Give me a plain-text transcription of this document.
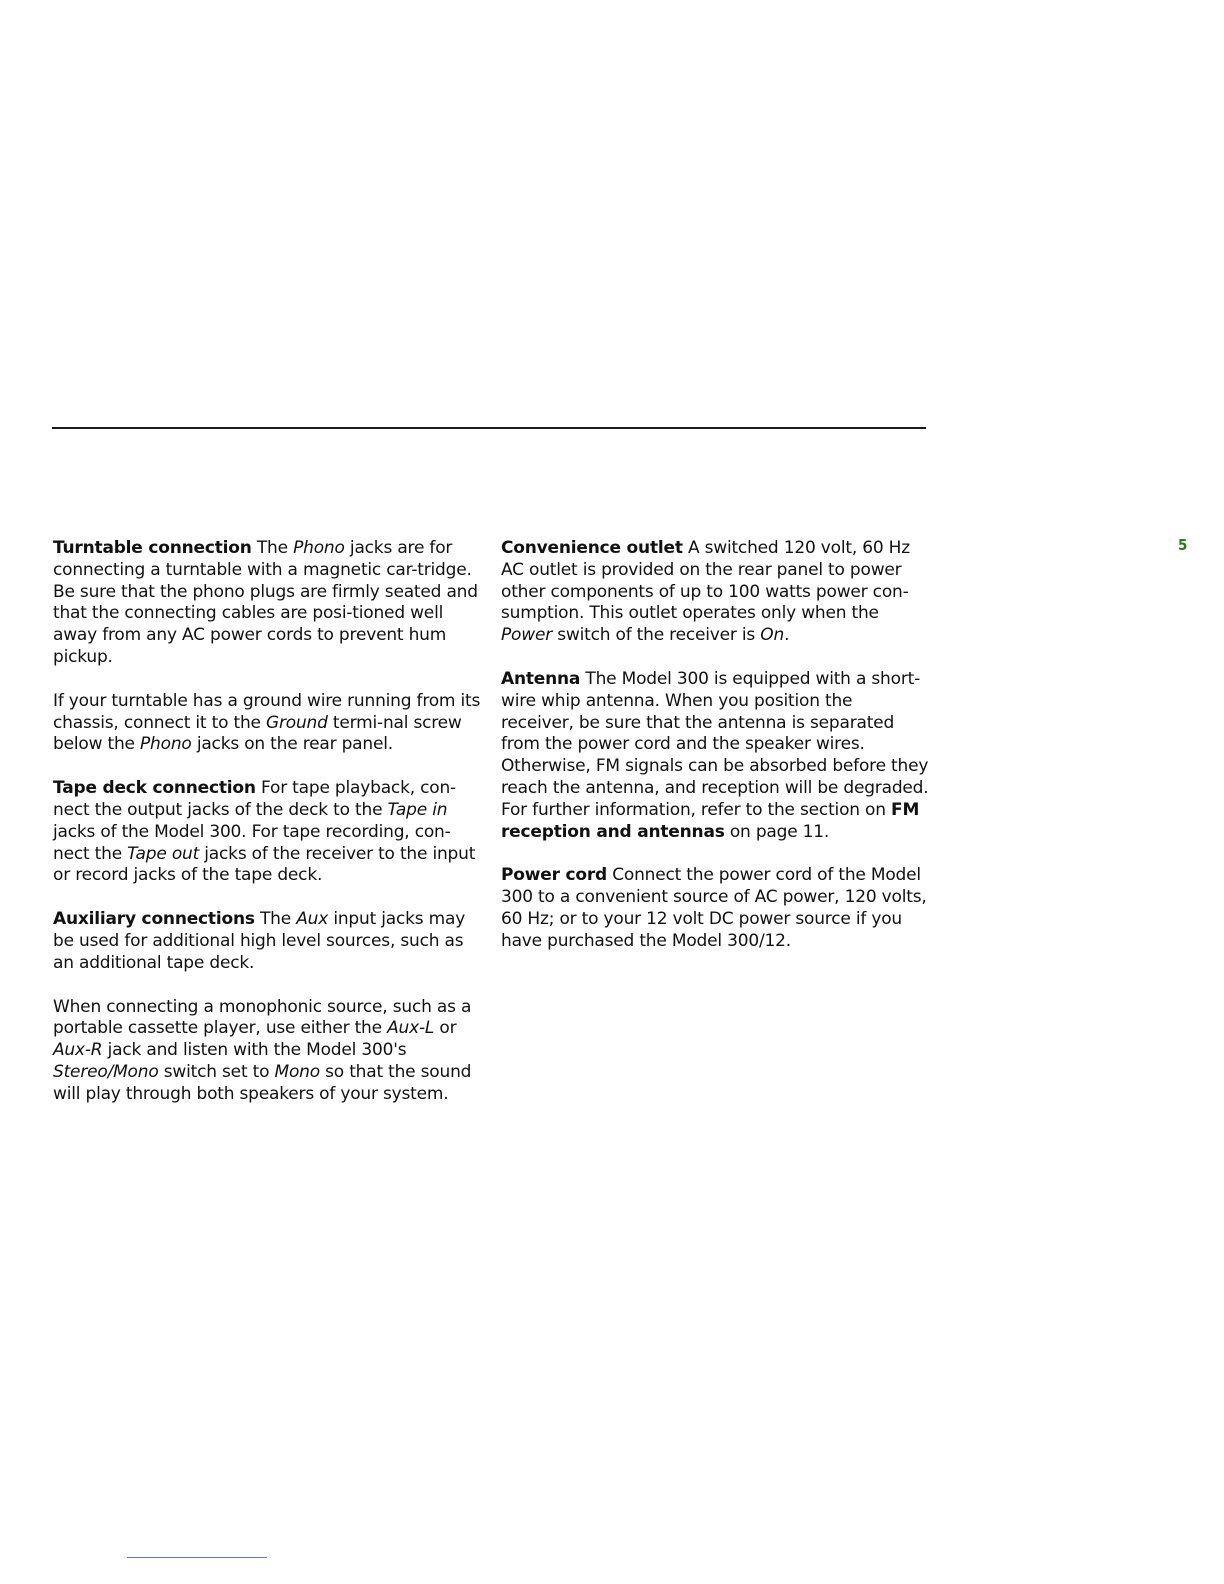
5

Turntable connection The Phono jacks are for connecting a turntable with a magnetic car-tridge. Be sure that the phono plugs are firmly seated and that the connecting cables are posi-tioned well away from any AC power cords to prevent hum pickup.

If your turntable has a ground wire running from its chassis, connect it to the Ground termi-nal screw below the Phono jacks on the rear panel.

Tape deck connection For tape playback, con-nect the output jacks of the deck to the Tape in jacks of the Model 300. For tape recording, con-nect the Tape out jacks of the receiver to the input or record jacks of the tape deck.

Auxiliary connections The Aux input jacks may be used for additional high level sources, such as an additional tape deck.

When connecting a monophonic source, such as a portable cassette player, use either the Aux-L or Aux-R jack and listen with the Model 300's Stereo/Mono switch set to Mono so that the sound will play through both speakers of your system.

Convenience outlet A switched 120 volt, 60 Hz AC outlet is provided on the rear panel to power other components of up to 100 watts power con-sumption. This outlet operates only when the Power switch of the receiver is On.

Antenna The Model 300 is equipped with a short-wire whip antenna. When you position the receiver, be sure that the antenna is separated from the power cord and the speaker wires. Otherwise, FM signals can be absorbed before they reach the antenna, and reception will be degraded. For further information, refer to the section on FM reception and antennas on page 11.

Power cord Connect the power cord of the Model 300 to a convenient source of AC power, 120 volts, 60 Hz; or to your 12 volt DC power source if you have purchased the Model 300/12.
